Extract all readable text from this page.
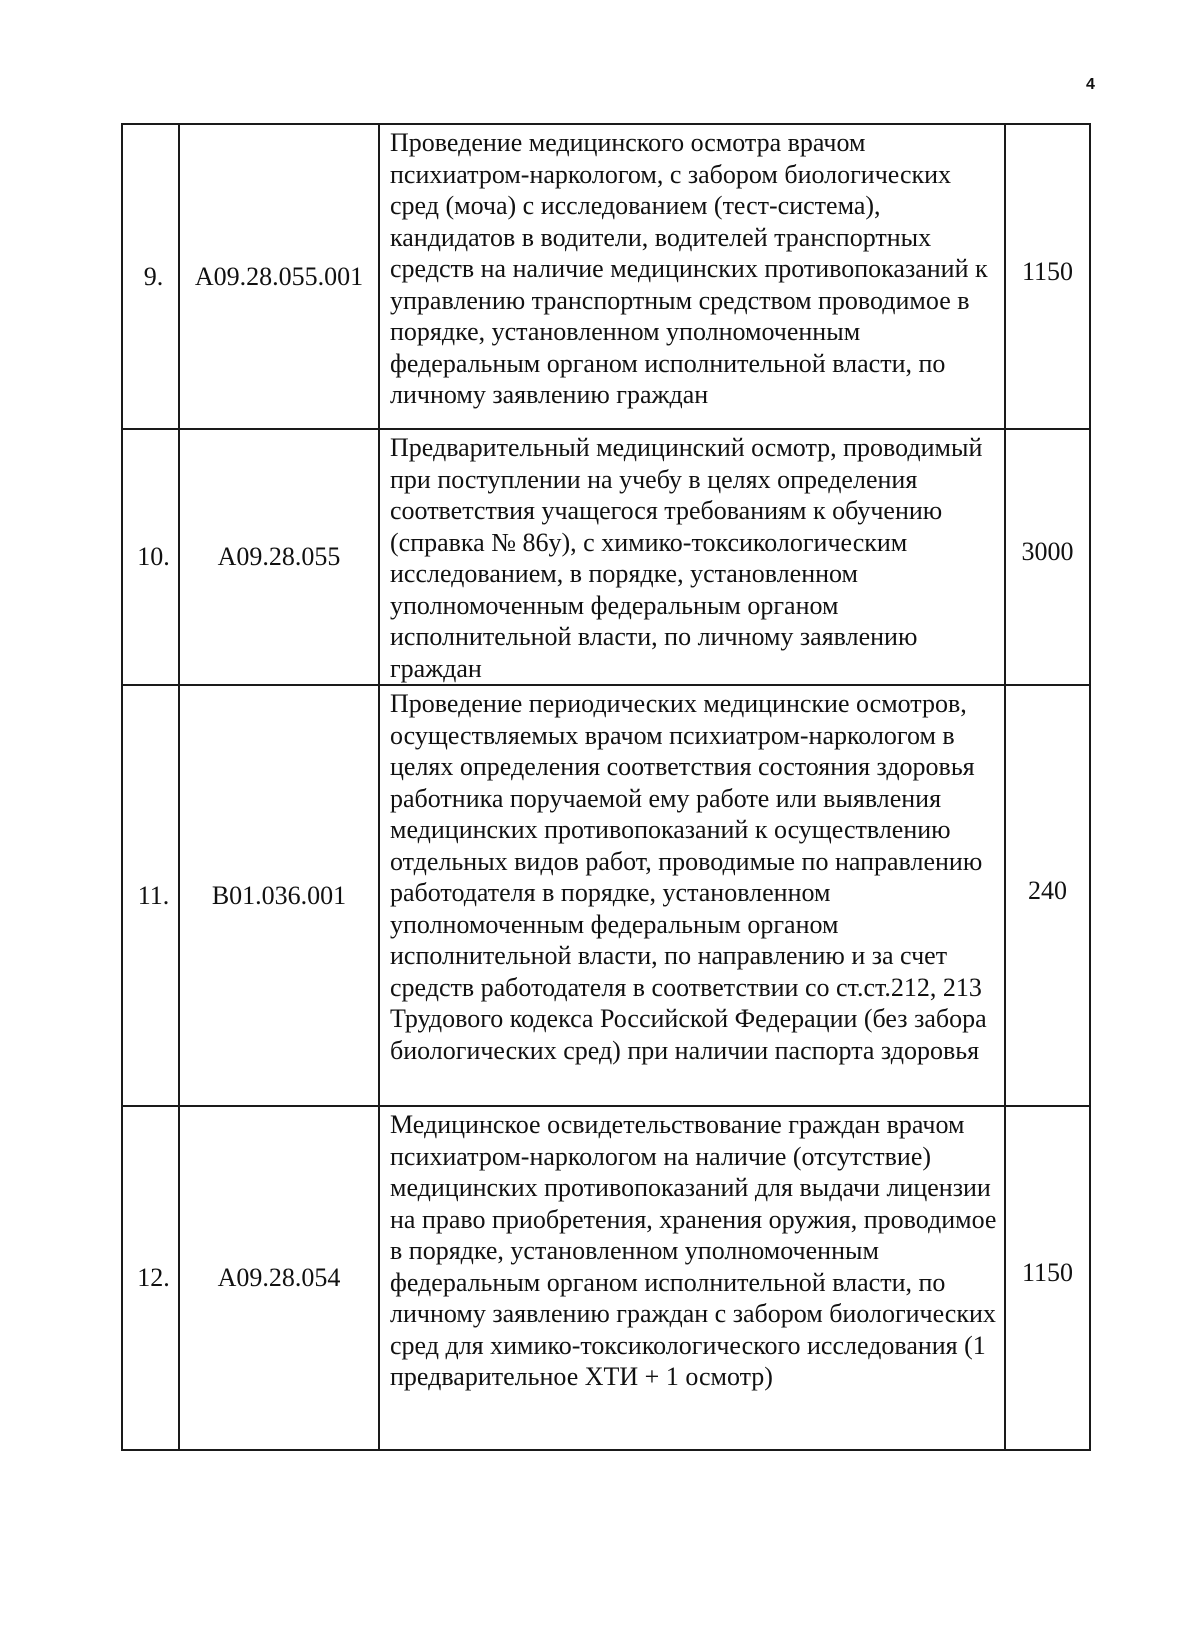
4
9.	A09.28.055.001	Проведение медицинского осмотра врачом психиатром-наркологом, с забором биологических сред (моча) с исследованием (тест-система), кандидатов в водители, водителей транспортных средств на наличие медицинских противопоказаний к управлению транспортным средством проводимое в порядке, установленном уполномоченным федеральным органом исполнительной власти, по личному заявлению граждан	1150
10.	A09.28.055	Предварительный медицинский осмотр, проводимый при поступлении на учебу в целях определения соответствия учащегося требованиям к обучению (справка № 86у), с химико-токсикологическим исследованием, в порядке, установленном уполномоченным федеральным органом исполнительной власти, по личному заявлению граждан	3000
11.	B01.036.001	Проведение периодических медицинские осмотров, осуществляемых врачом психиатром-наркологом в целях определения соответствия состояния здоровья работника поручаемой ему работе или выявления медицинских противопоказаний к осуществлению отдельных видов работ, проводимые по направлению работодателя в порядке, установленном уполномоченным федеральным органом исполнительной власти, по направлению и за счет средств работодателя в соответствии со ст.ст.212, 213 Трудового кодекса Российской Федерации (без забора биологических сред) при наличии паспорта здоровья	240
12.	A09.28.054	Медицинское освидетельствование граждан врачом психиатром-наркологом на наличие (отсутствие) медицинских противопоказаний для выдачи лицензии на право приобретения, хранения оружия, проводимое в порядке, установленном уполномоченным федеральным органом исполнительной власти, по личному заявлению граждан с забором биологических сред для химико-токсикологического исследования (1 предварительное ХТИ + 1 осмотр)	1150
